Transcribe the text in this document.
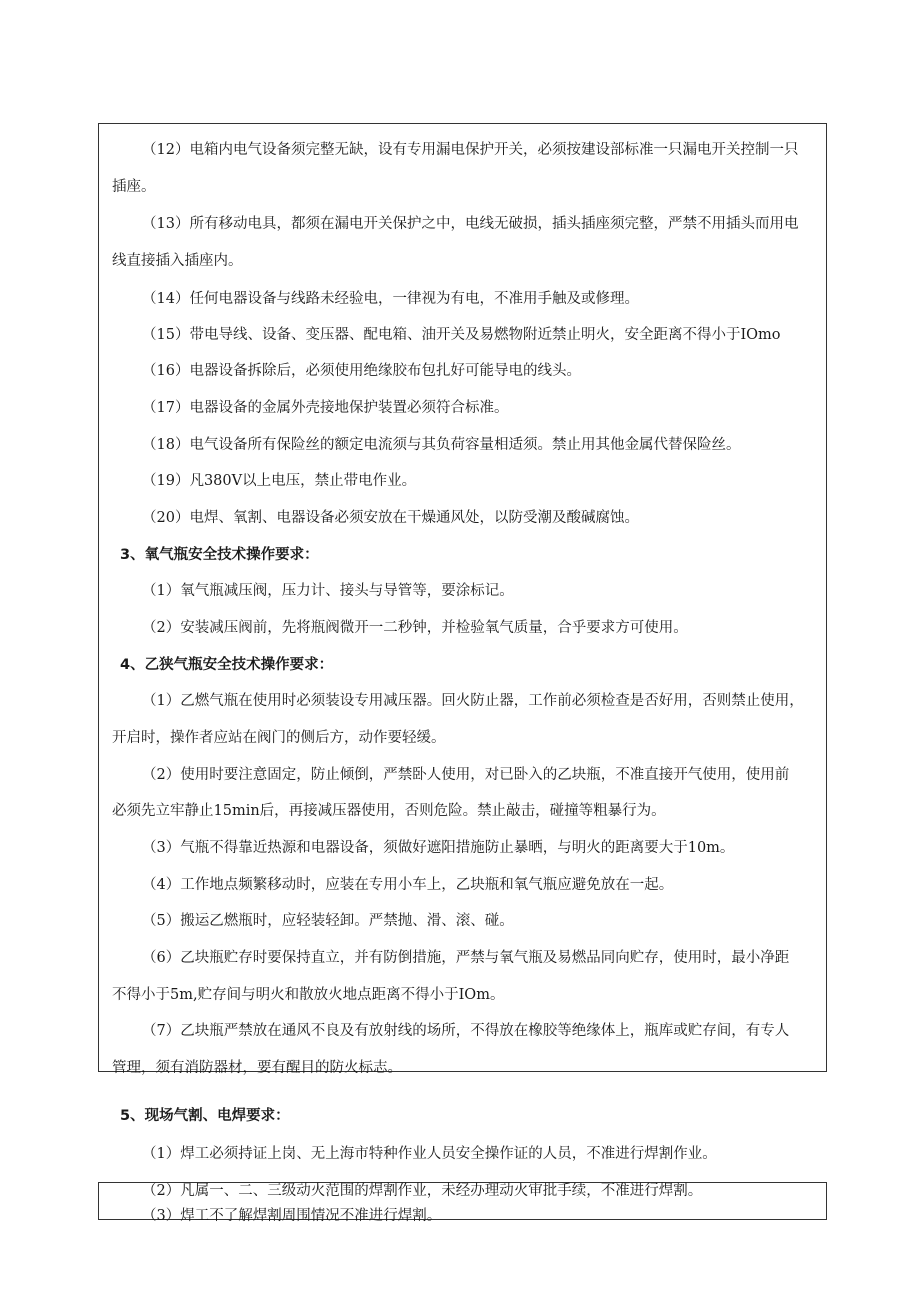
（12）电箱内电气设备须完整无缺，设有专用漏电保护开关，必须按建设部标准一只漏电开关控制一只
插座。
（13）所有移动电具，都须在漏电开关保护之中，电线无破损，插头插座须完整，严禁不用插头而用电
线直接插入插座内。
（14）任何电器设备与线路未经验电，一律视为有电，不准用手触及或修理。
（15）带电导线、设备、变压器、配电箱、油开关及易燃物附近禁止明火，安全距离不得小于IOmo
（16）电器设备拆除后，必须使用绝缘胶布包扎好可能导电的线头。
（17）电器设备的金属外壳接地保护装置必须符合标准。
（18）电气设备所有保险丝的额定电流须与其负荷容量相适须。禁止用其他金属代替保险丝。
（19）凡380V以上电压，禁止带电作业。
（20）电焊、氧割、电器设备必须安放在干燥通风处，以防受潮及酸碱腐蚀。
3、氧气瓶安全技术操作要求：
（1）氧气瓶减压阀，压力计、接头与导管等，要涂标记。
（2）安装减压阀前，先将瓶阀微开一二秒钟，并检验氧气质量，合乎要求方可使用。
4、乙狭气瓶安全技术操作要求：
（1）乙燃气瓶在使用时必须装设专用减压器。回火防止器，工作前必须检查是否好用，否则禁止使用，
开启时，操作者应站在阀门的侧后方，动作要轻缓。
（2）使用时要注意固定，防止倾倒，严禁卧人使用，对已卧入的乙块瓶，不准直接开气使用，使用前
必须先立牢静止15min后，再接减压器使用，否则危险。禁止敲击，碰撞等粗暴行为。
（3）气瓶不得靠近热源和电器设备，须做好遮阳措施防止暴晒，与明火的距离要大于10m。
（4）工作地点频繁移动时，应装在专用小车上，乙块瓶和氧气瓶应避免放在一起。
（5）搬运乙燃瓶时，应轻装轻卸。严禁抛、滑、滚、碰。
（6）乙块瓶贮存时要保持直立，并有防倒措施，严禁与氧气瓶及易燃品同向贮存，使用时，最小净距
不得小于5m,贮存间与明火和散放火地点距离不得小于IOm。
（7）乙块瓶严禁放在通风不良及有放射线的场所，不得放在橡胶等绝缘体上，瓶库或贮存间，有专人
管理，须有消防器材，要有醒目的防火标志。
5、现场气割、电焊要求：
（1）焊工必须持证上岗、无上海市特种作业人员安全操作证的人员，不准进行焊割作业。
（2）凡属一、二、三级动火范围的焊割作业，未经办理动火审批手续，不准进行焊割。
（3）焊工不了解焊割周围情况不准进行焊割。
